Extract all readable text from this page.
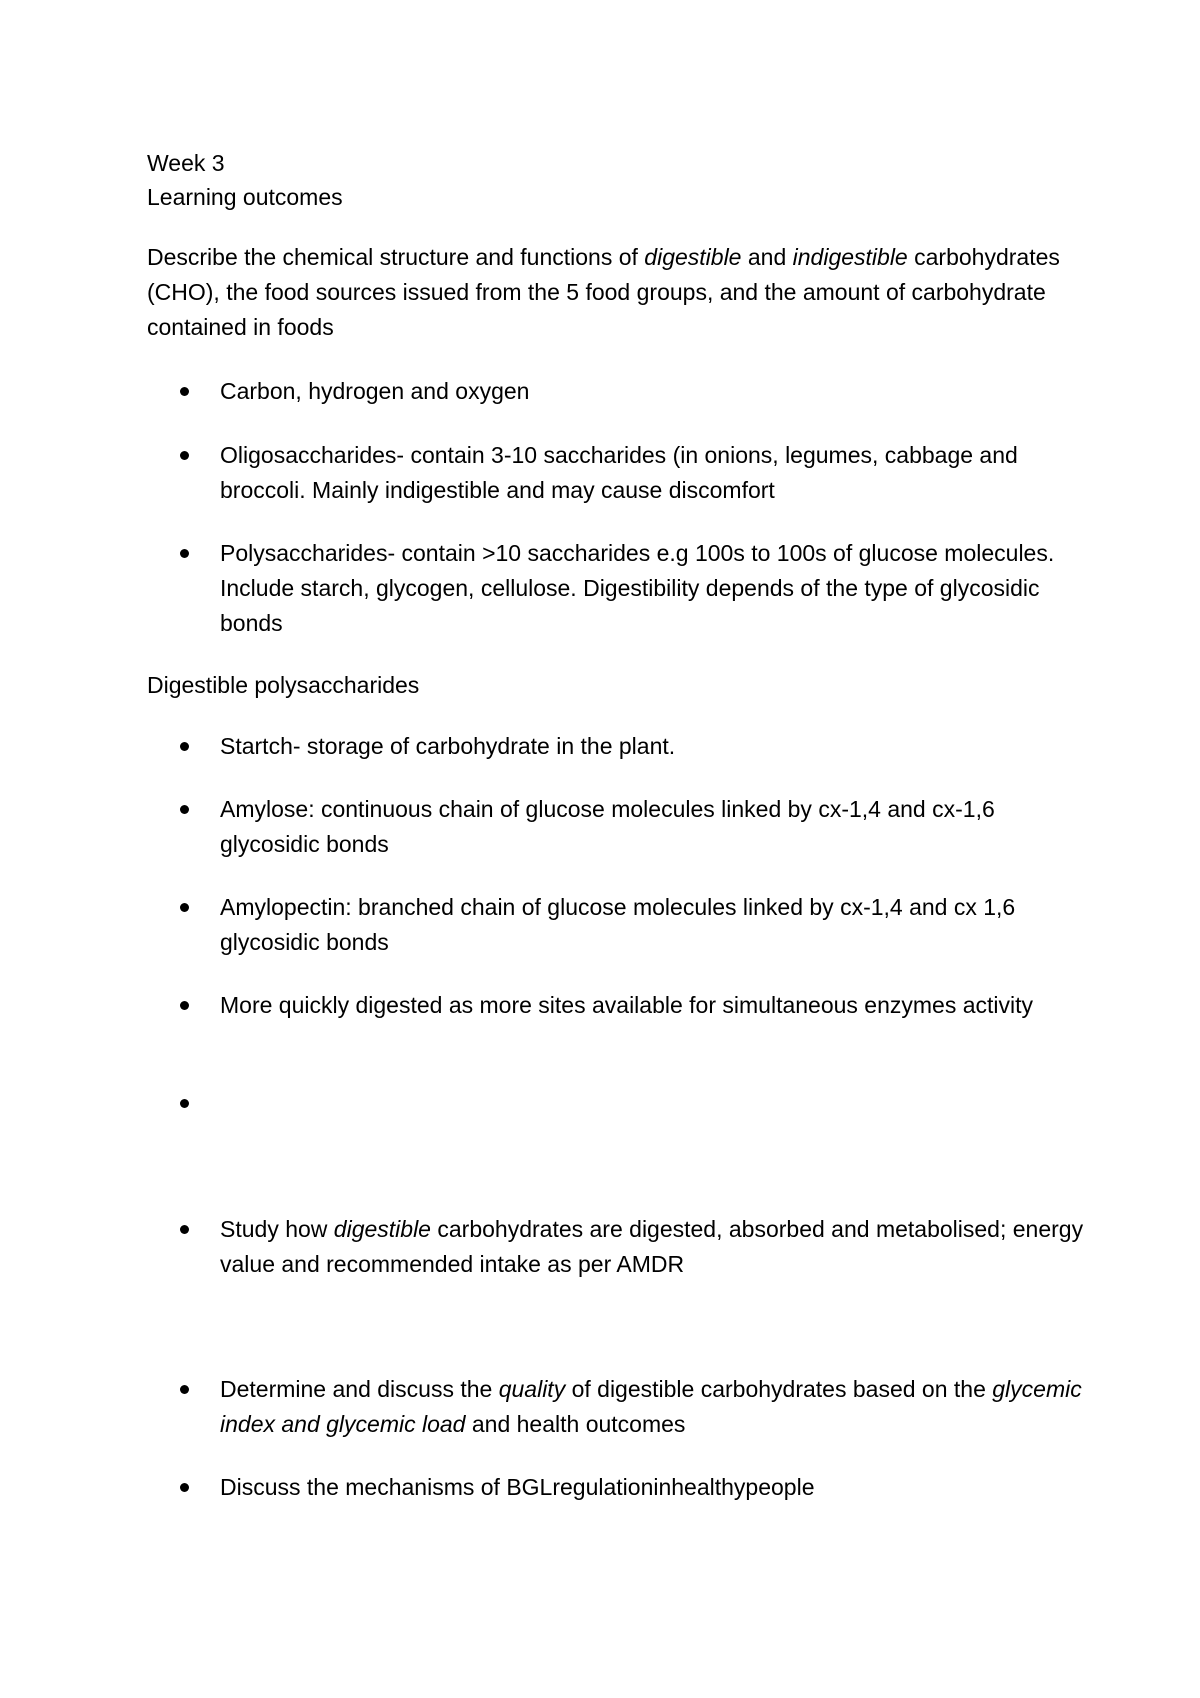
Week 3
Learning outcomes
Describe the chemical structure and functions of digestible and indigestible carbohydrates (CHO), the food sources issued from the 5 food groups, and the amount of carbohydrate contained in foods
Carbon, hydrogen and oxygen
Oligosaccharides- contain 3-10 saccharides (in onions, legumes, cabbage and broccoli. Mainly indigestible and may cause discomfort
Polysaccharides- contain >10 saccharides e.g 100s to 100s of glucose molecules. Include starch, glycogen, cellulose. Digestibility depends of the type of glycosidic bonds
Digestible polysaccharides
Startch- storage of carbohydrate in the plant.
Amylose: continuous chain of glucose molecules linked by cx-1,4 and cx-1,6 glycosidic bonds
Amylopectin: branched chain of glucose molecules linked by cx-1,4 and cx 1,6 glycosidic bonds
More quickly digested as more sites available for simultaneous enzymes activity
Study how digestible carbohydrates are digested, absorbed and metabolised; energy value and recommended intake as per AMDR
Determine and discuss the quality of digestible carbohydrates based on the glycemic index and glycemic load and health outcomes
Discuss the mechanisms of BGLregulationinhealthypeople
